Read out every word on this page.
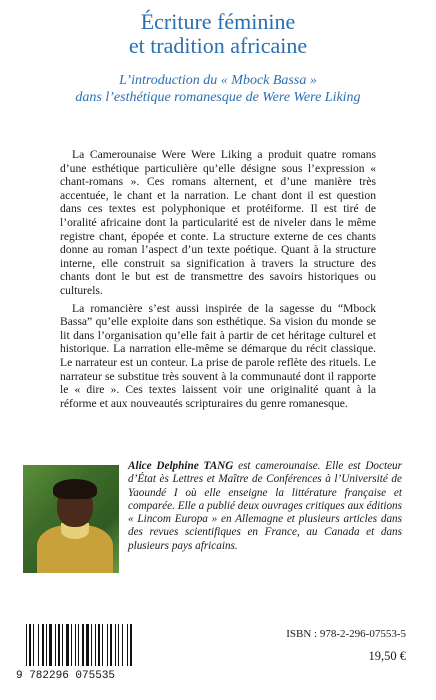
Écriture féminine
et tradition africaine
L’introduction du « Mbock Bassa »
dans l’esthétique romanesque de Were Were Liking

La Camerounaise Were Were Liking a produit quatre romans d’une esthétique particulière qu’elle désigne sous l’expression « chant-romans ». Ces romans alternent, et d’une manière très accentuée, le chant et la narration. Le chant dont il est question dans ces textes est polyphonique et protéiforme. Il est tiré de l’oralité africaine dont la particularité est de niveler dans le même registre chant, épopée et conte. La structure externe de ces chants donne au roman l’aspect d’un texte poétique. Quant à la structure interne, elle construit sa signification à travers la structure des chants dont le but est de transmettre des savoirs historiques ou culturels.

La romancière s’est aussi inspirée de la sagesse du “Mbock Bassa” qu’elle exploite dans son esthétique. Sa vision du monde se lit dans l’organisation qu’elle fait à partir de cet héritage culturel et historique. La narration elle-même se démarque du récit classique. Le narrateur est un conteur. La prise de parole reflète des rituels. Le narrateur se substitue très souvent à la communauté dont il rapporte le « dire ». Ces textes laissent voir une originalité quant à la réforme et aux nouveautés scripturaires du genre romanesque.

Alice Delphine TANG est camerounaise. Elle est Docteur d’État ès Lettres et Maître de Conférences à l’Université de Yaoundé I où elle enseigne la littérature française et comparée. Elle a publié deux ouvrages critiques aux éditions « Lincom Europa » en Allemagne et plusieurs articles dans des revues scientifiques en France, au Canada et dans plusieurs pays africains.
9 782296 075535
ISBN : 978-2-296-07553-5
19,50 €
